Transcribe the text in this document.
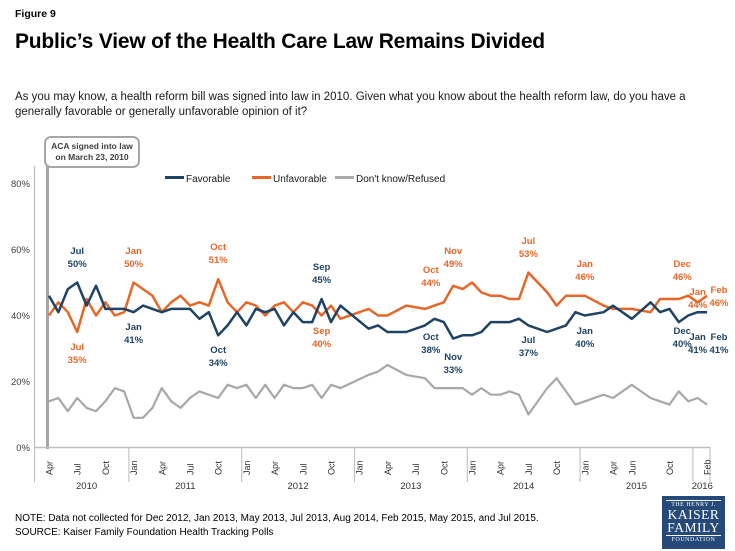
Figure 9
Public’s View of the Health Care Law Remains Divided
As you may know, a health reform bill was signed into law in 2010. Given what you know about the health reform law, do you have a generally favorable or generally unfavorable opinion of it?
0%
20%
40%
60%
80%
Apr Jul Oct Jan Apr Jul Oct Jan Apr Jul Oct Jan Apr Jul Oct Jan Apr Jul Oct Jan Apr Jun	Oct	Feb
2010	2011	2012	2013	2014	2015	2016
ACA signed into law
on March 23, 2010
Favorable	Unfavorable	Don't know/Refused
Jul
50%
Jan
41%
Oct
34%
Sep
45%
Oct
38%
Nov
33%
Jul
37%
Jan
40%
Dec
40%
Jan
41%
Feb
41%
Jul
35%
Jan
50%
Oct
51%
Sep
40%
Oct
44%
Nov
49%
Jul
53%
Jan
46%
Dec
46%
Jan
44%
Feb
46%
NOTE: Data not collected for Dec 2012, Jan 2013, May 2013, Jul 2013, Aug 2014, Feb 2015, May 2015, and Jul 2015.
SOURCE: Kaiser Family Foundation Health Tracking Polls
THE HENRY J.
KAISER
FAMILY
FOUNDATION
